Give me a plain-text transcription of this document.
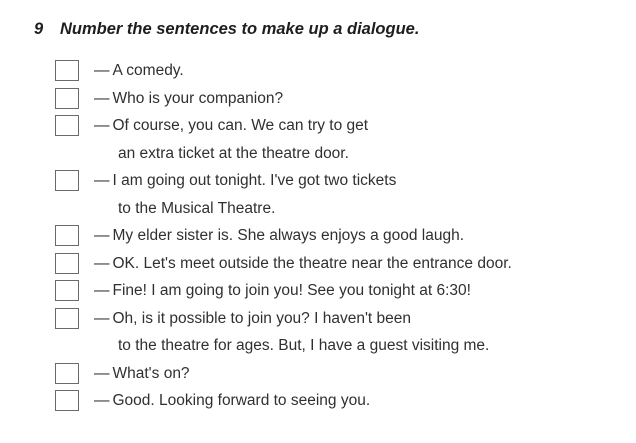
9 Number the sentences to make up a dialogue.
— A comedy.
— Who is your companion?
— Of course, you can. We can try to get
an extra ticket at the theatre door.
— I am going out tonight. I've got two tickets
to the Musical Theatre.
— My elder sister is. She always enjoys a good laugh.
— OK. Let's meet outside the theatre near the entrance door.
— Fine! I am going to join you! See you tonight at 6:30!
— Oh, is it possible to join you? I haven't been
to the theatre for ages. But, I have a guest visiting me.
— What's on?
— Good. Looking forward to seeing you.
